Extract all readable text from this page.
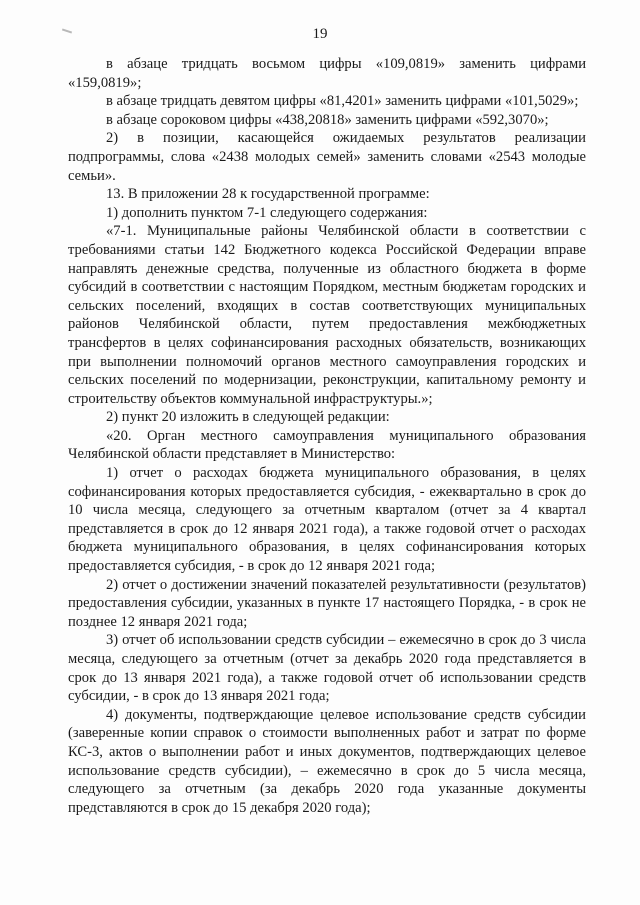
19

в абзаце тридцать восьмом цифры «109,0819» заменить цифрами «159,0819»;

в абзаце тридцать девятом цифры «81,4201» заменить цифрами «101,5029»;

в абзаце сороковом цифры «438,20818» заменить цифрами «592,3070»;

2) в позиции, касающейся ожидаемых результатов реализации подпрограммы, слова «2438 молодых семей» заменить словами «2543 молодые семьи».

13. В приложении 28 к государственной программе:

1) дополнить пунктом 7-1 следующего содержания:

«7-1. Муниципальные районы Челябинской области в соответствии с требованиями статьи 142 Бюджетного кодекса Российской Федерации вправе направлять денежные средства, полученные из областного бюджета в форме субсидий в соответствии с настоящим Порядком, местным бюджетам городских и сельских поселений, входящих в состав соответствующих муниципальных районов Челябинской области, путем предоставления межбюджетных трансфертов в целях софинансирования расходных обязательств, возникающих при выполнении полномочий органов местного самоуправления городских и сельских поселений по модернизации, реконструкции, капитальному ремонту и строительству объектов коммунальной инфраструктуры.»;

2) пункт 20 изложить в следующей редакции:

«20. Орган местного самоуправления муниципального образования Челябинской области представляет в Министерство:

1) отчет о расходах бюджета муниципального образования, в целях софинансирования которых предоставляется субсидия, - ежеквартально в срок до 10 числа месяца, следующего за отчетным кварталом (отчет за 4 квартал представляется в срок до 12 января 2021 года), а также годовой отчет о расходах бюджета муниципального образования, в целях софинансирования которых предоставляется субсидия, - в срок до 12 января 2021 года;

2) отчет о достижении значений показателей результативности (результатов) предоставления субсидии, указанных в пункте 17 настоящего Порядка, - в срок не позднее 12 января 2021 года;

3) отчет об использовании средств субсидии – ежемесячно в срок до 3 числа месяца, следующего за отчетным (отчет за декабрь 2020 года представляется в срок до 13 января 2021 года), а также годовой отчет об использовании средств субсидии, - в срок до 13 января 2021 года;

4) документы, подтверждающие целевое использование средств субсидии (заверенные копии справок о стоимости выполненных работ и затрат по форме КС-3, актов о выполнении работ и иных документов, подтверждающих целевое использование средств субсидии), – ежемесячно в срок до 5 числа месяца, следующего за отчетным (за декабрь 2020 года указанные документы представляются в срок до 15 декабря 2020 года);
